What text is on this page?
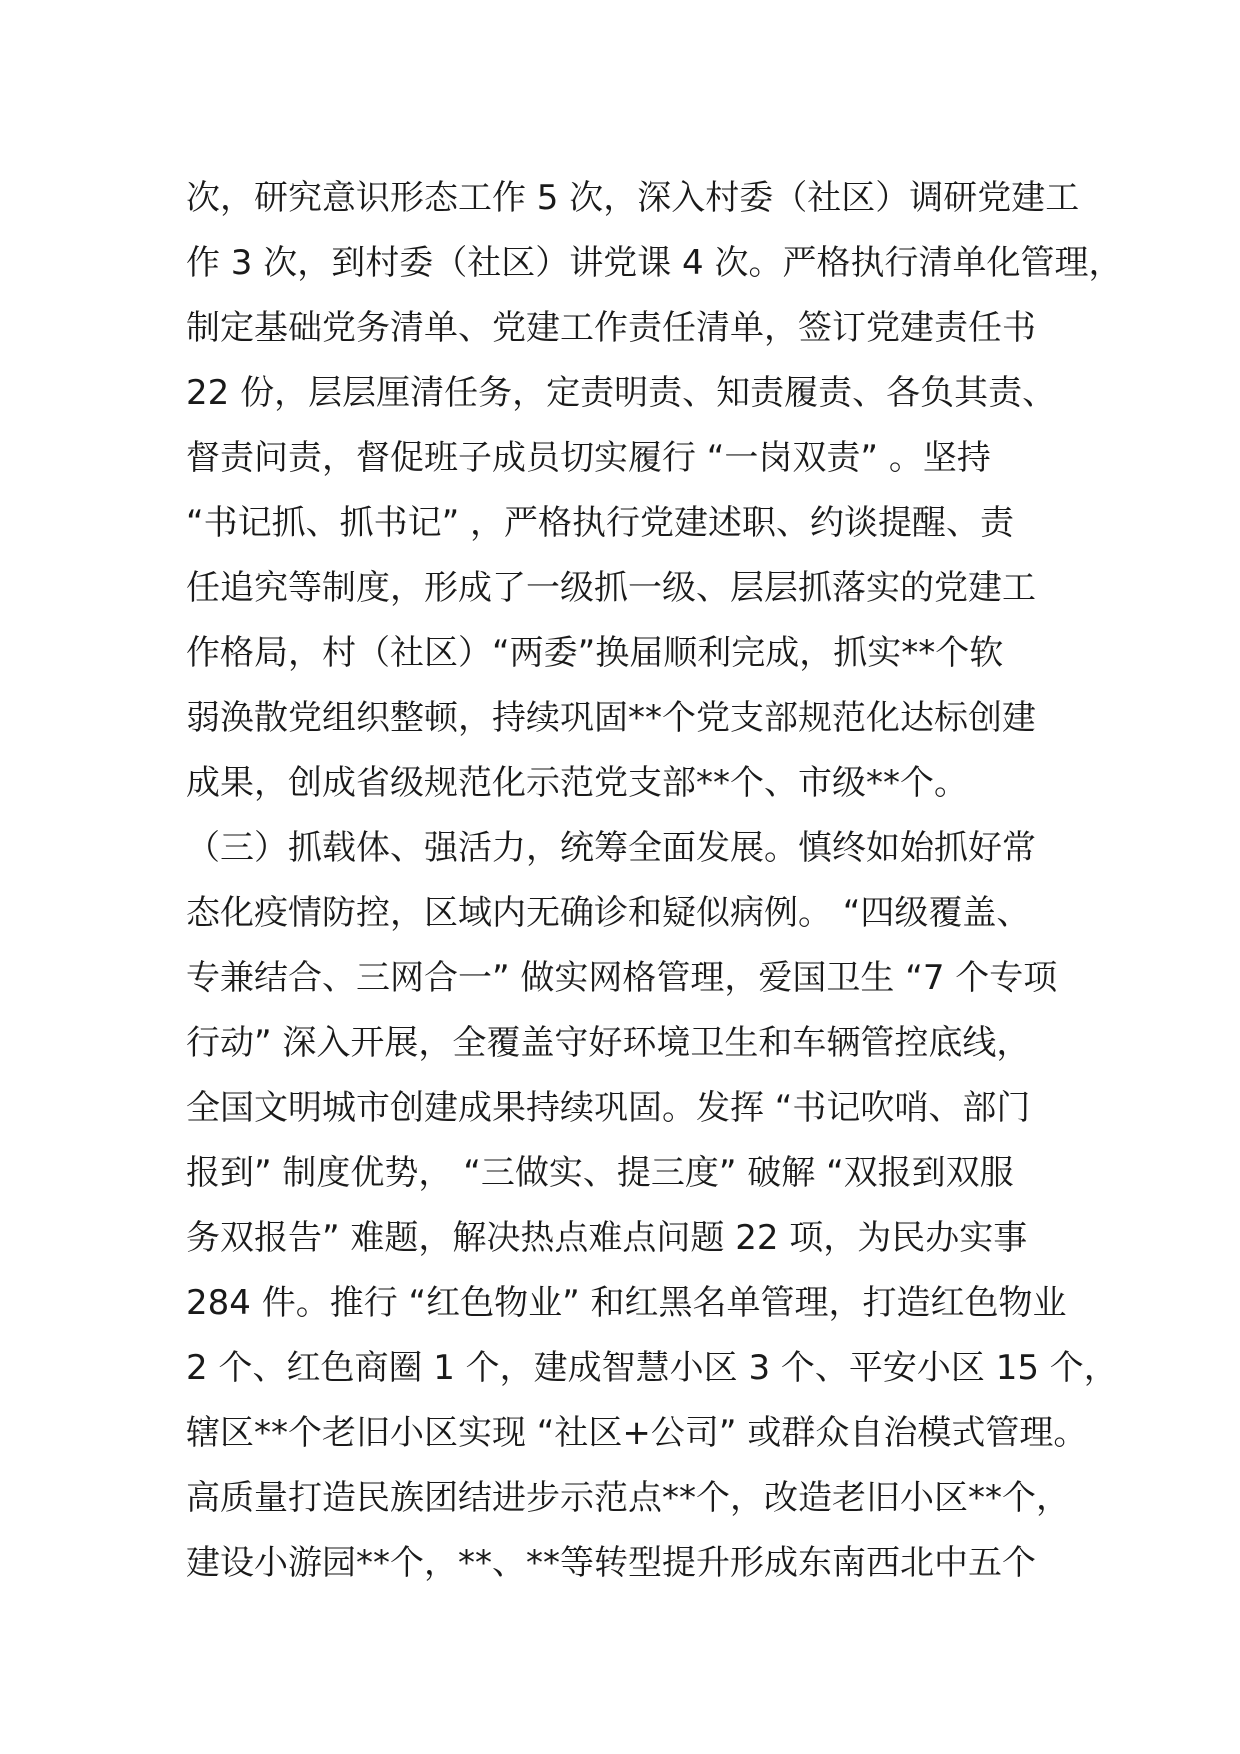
次，研究意识形态工作 5 次，深入村委（社区）调研党建工
作 3 次，到村委（社区）讲党课 4 次。严格执行清单化管理，
制定基础党务清单、党建工作责任清单，签订党建责任书
22 份，层层厘清任务，定责明责、知责履责、各负其责、
督责问责，督促班子成员切实履行 “一岗双责” 。坚持
“书记抓、抓书记” ，严格执行党建述职、约谈提醒、责
任追究等制度，形成了一级抓一级、层层抓落实的党建工
作格局，村（社区）“两委”换届顺利完成，抓实**个软
弱涣散党组织整顿，持续巩固**个党支部规范化达标创建
成果，创成省级规范化示范党支部**个、市级**个。
（三）抓载体、强活力，统筹全面发展。慎终如始抓好常
态化疫情防控，区域内无确诊和疑似病例。 “四级覆盖、
专兼结合、三网合一” 做实网格管理，爱国卫生 “7 个专项
行动” 深入开展，全覆盖守好环境卫生和车辆管控底线，
全国文明城市创建成果持续巩固。发挥 “书记吹哨、部门
报到” 制度优势， “三做实、提三度” 破解 “双报到双服
务双报告” 难题，解决热点难点问题 22 项，为民办实事
284 件。推行 “红色物业” 和红黑名单管理，打造红色物业
2 个、红色商圈 1 个，建成智慧小区 3 个、平安小区 15 个，
辖区**个老旧小区实现 “社区+公司” 或群众自治模式管理。
高质量打造民族团结进步示范点**个，改造老旧小区**个，
建设小游园**个，**、**等转型提升形成东南西北中五个
